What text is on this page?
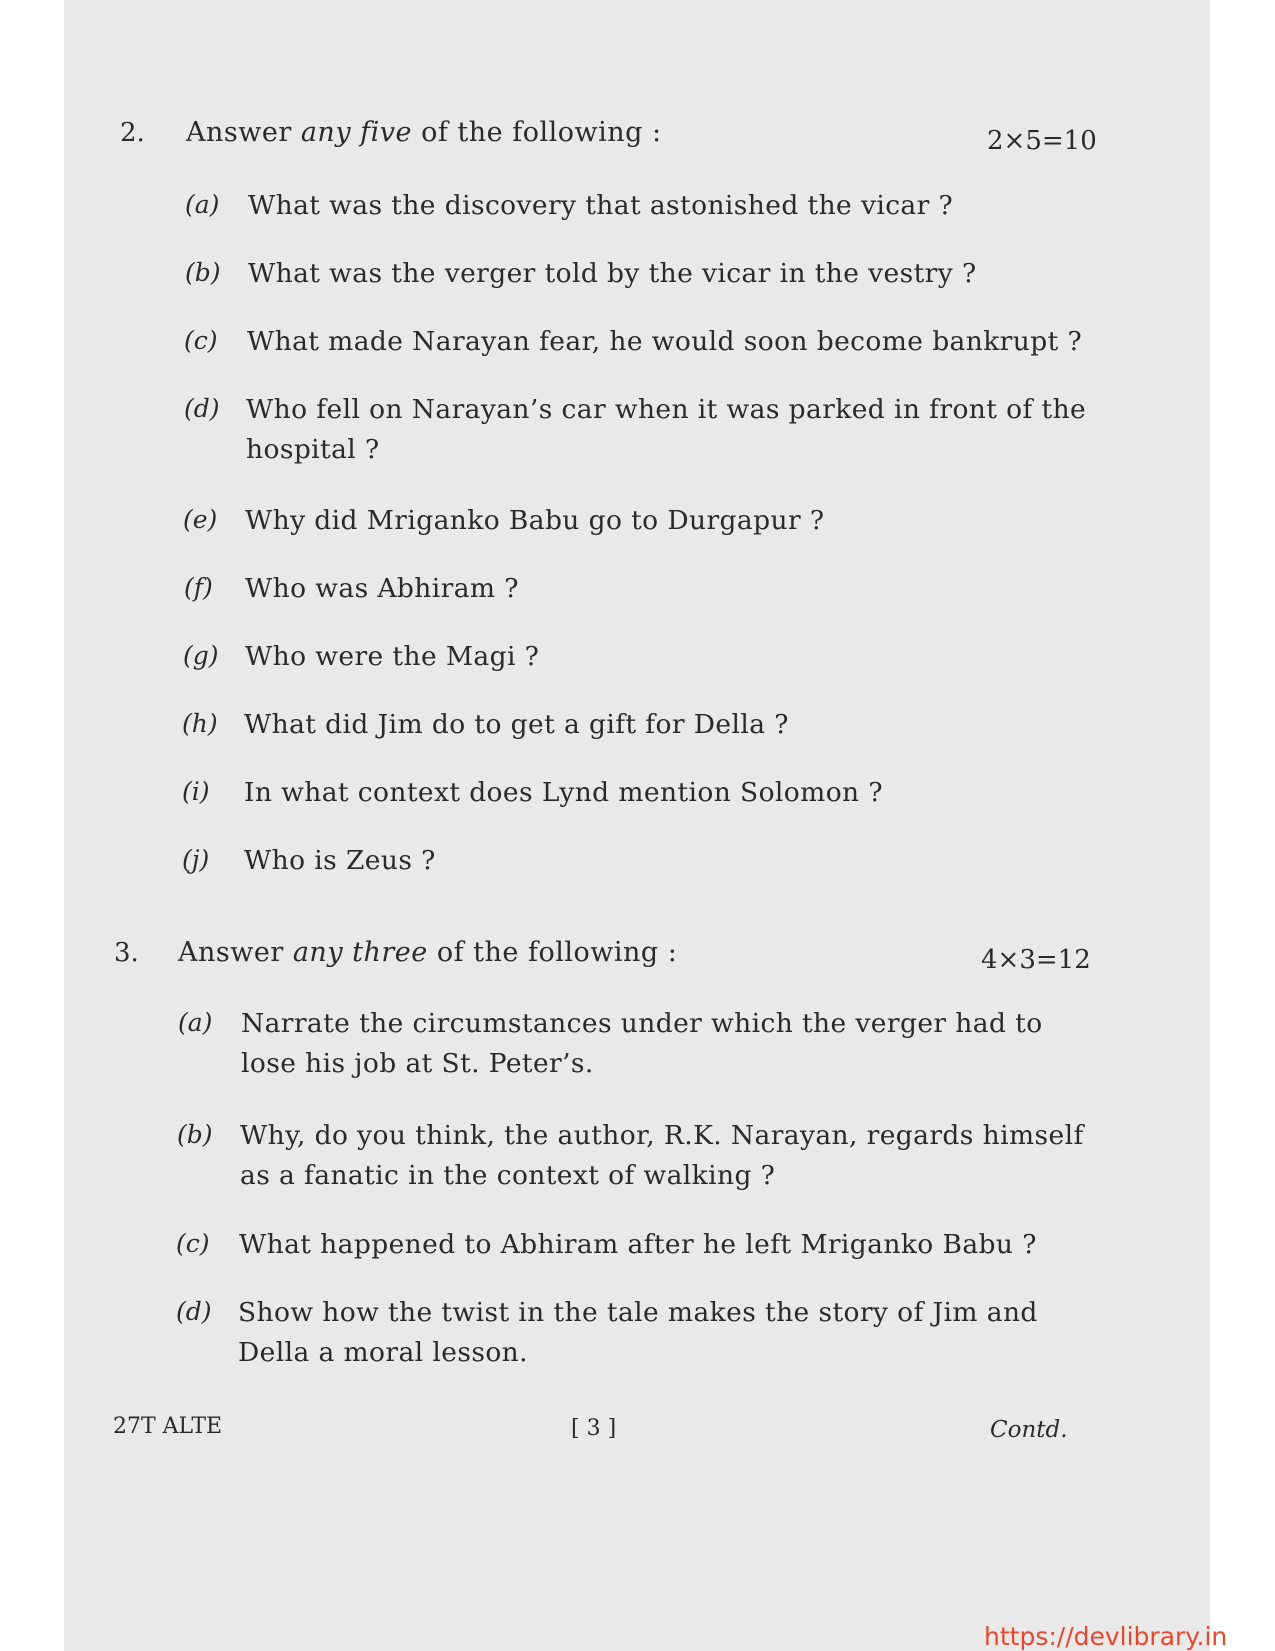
2. Answer any five of the following :	2×5=10
(a) What was the discovery that astonished the vicar ?
(b) What was the verger told by the vicar in the vestry ?
(c) What made Narayan fear, he would soon become bankrupt ?
(d) Who fell on Narayan’s car when it was parked in front of the hospital ?
(e) Why did Mriganko Babu go to Durgapur ?
(f) Who was Abhiram ?
(g) Who were the Magi ?
(h) What did Jim do to get a gift for Della ?
(i) In what context does Lynd mention Solomon ?
(j) Who is Zeus ?
3. Answer any three of the following :	4×3=12
(a) Narrate the circumstances under which the verger had to lose his job at St. Peter’s.
(b) Why, do you think, the author, R.K. Narayan, regards himself as a fanatic in the context of walking ?
(c) What happened to Abhiram after he left Mriganko Babu ?
(d) Show how the twist in the tale makes the story of Jim and Della a moral lesson.
27T ALTE	[ 3 ]	Contd.
https://devlibrary.in
